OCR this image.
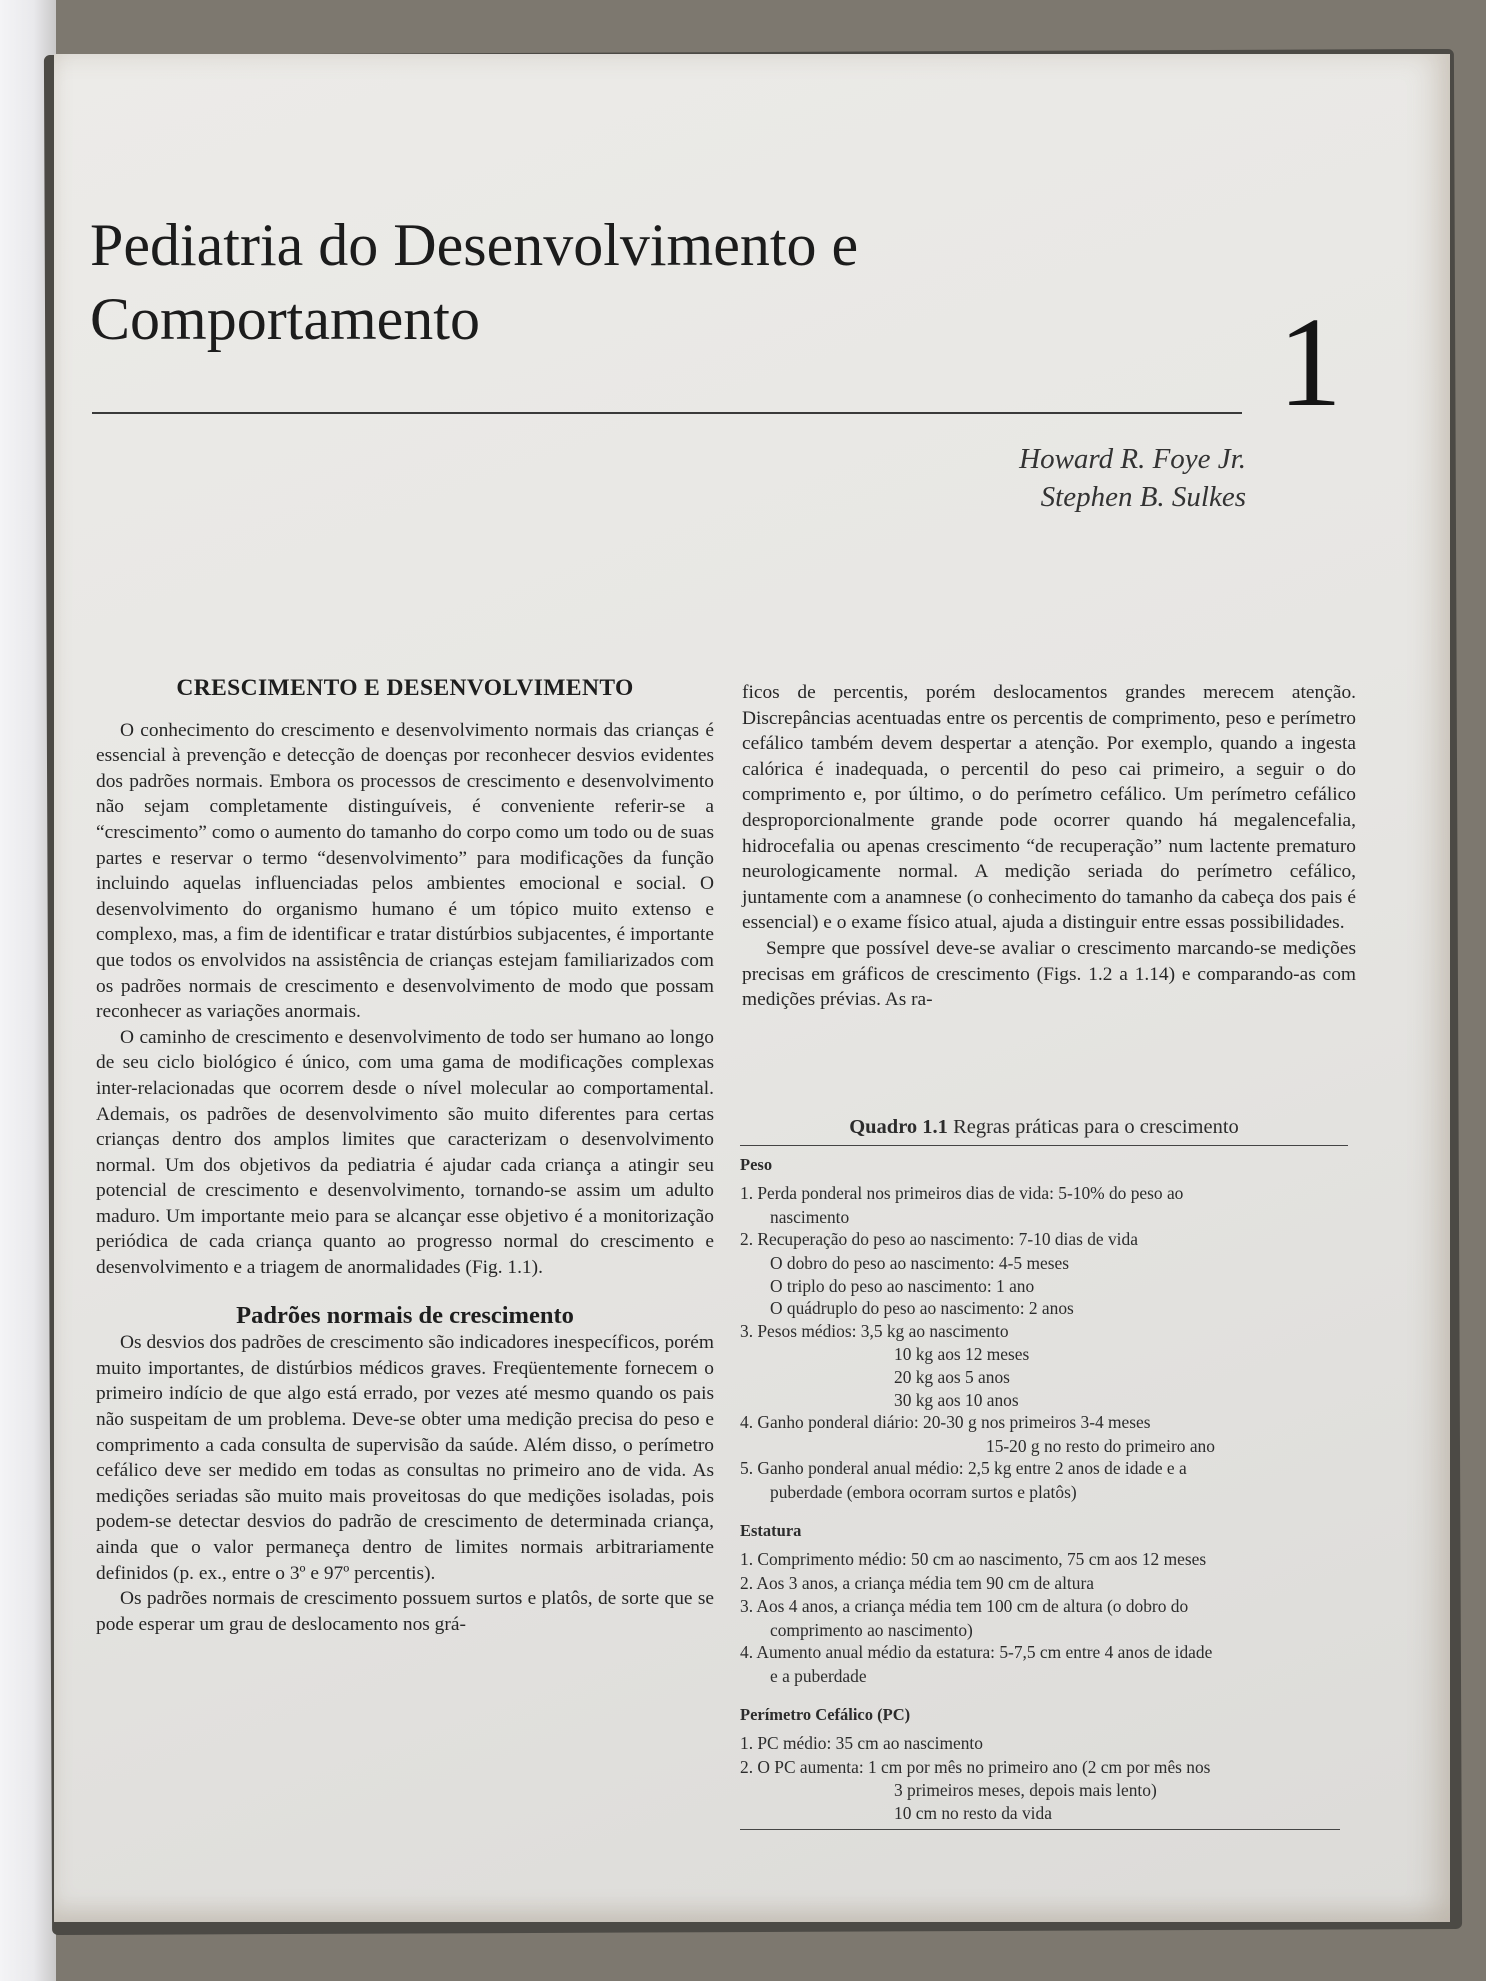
Pediatria do Desenvolvimento e Comportamento	1
Howard R. Foye Jr.
Stephen B. Sulkes
CRESCIMENTO E DESENVOLVIMENTO

O conhecimento do crescimento e desenvolvimento normais das crianças é essencial à prevenção e detecção de doenças por reconhecer desvios evidentes dos padrões normais. Embora os processos de crescimento e desenvolvimento não sejam completamente distinguíveis, é conveniente referir-se a “crescimento” como o aumento do tamanho do corpo como um todo ou de suas partes e reservar o termo “desenvolvimento” para modificações da função incluindo aquelas influenciadas pelos ambientes emocional e social. O desenvolvimento do organismo humano é um tópico muito extenso e complexo, mas, a fim de identificar e tratar distúrbios subjacentes, é importante que todos os envolvidos na assistência de crianças estejam familiarizados com os padrões normais de crescimento e desenvolvimento de modo que possam reconhecer as variações anormais.

O caminho de crescimento e desenvolvimento de todo ser humano ao longo de seu ciclo biológico é único, com uma gama de modificações complexas inter-relacionadas que ocorrem desde o nível molecular ao comportamental. Ademais, os padrões de desenvolvimento são muito diferentes para certas crianças dentro dos amplos limites que caracterizam o desenvolvimento normal. Um dos objetivos da pediatria é ajudar cada criança a atingir seu potencial de crescimento e desenvolvimento, tornando-se assim um adulto maduro. Um importante meio para se alcançar esse objetivo é a monitorização periódica de cada criança quanto ao progresso normal do crescimento e desenvolvimento e a triagem de anormalidades (Fig. 1.1).

Padrões normais de crescimento

Os desvios dos padrões de crescimento são indicadores inespecíficos, porém muito importantes, de distúrbios médicos graves. Freqüentemente fornecem o primeiro indício de que algo está errado, por vezes até mesmo quando os pais não suspeitam de um problema. Deve-se obter uma medição precisa do peso e comprimento a cada consulta de supervisão da saúde. Além disso, o perímetro cefálico deve ser medido em todas as consultas no primeiro ano de vida. As medições seriadas são muito mais proveitosas do que medições isoladas, pois podem-se detectar desvios do padrão de crescimento de determinada criança, ainda que o valor permaneça dentro de limites normais arbitrariamente definidos (p. ex., entre o 3º e 97º percentis).

Os padrões normais de crescimento possuem surtos e platôs, de sorte que se pode esperar um grau de deslocamento nos grá-

ficos de percentis, porém deslocamentos grandes merecem atenção. Discrepâncias acentuadas entre os percentis de comprimento, peso e perímetro cefálico também devem despertar a atenção. Por exemplo, quando a ingesta calórica é inadequada, o percentil do peso cai primeiro, a seguir o do comprimento e, por último, o do perímetro cefálico. Um perímetro cefálico desproporcionalmente grande pode ocorrer quando há megalencefalia, hidrocefalia ou apenas crescimento “de recuperação” num lactente prematuro neurologicamente normal. A medição seriada do perímetro cefálico, juntamente com a anamnese (o conhecimento do tamanho da cabeça dos pais é essencial) e o exame físico atual, ajuda a distinguir entre essas possibilidades.

Sempre que possível deve-se avaliar o crescimento marcando-se medições precisas em gráficos de crescimento (Figs. 1.2 a 1.14) e comparando-as com medições prévias. As ra-

Quadro 1.1 Regras práticas para o crescimento
Peso
1. Perda ponderal nos primeiros dias de vida: 5-10% do peso ao
nascimento
2. Recuperação do peso ao nascimento: 7-10 dias de vida
O dobro do peso ao nascimento: 4-5 meses
O triplo do peso ao nascimento: 1 ano
O quádruplo do peso ao nascimento: 2 anos
3. Pesos médios: 3,5 kg ao nascimento
10 kg aos 12 meses
20 kg aos 5 anos
30 kg aos 10 anos
4. Ganho ponderal diário: 20-30 g nos primeiros 3-4 meses
15-20 g no resto do primeiro ano
5. Ganho ponderal anual médio: 2,5 kg entre 2 anos de idade e a
puberdade (embora ocorram surtos e platôs)
Estatura
1. Comprimento médio: 50 cm ao nascimento, 75 cm aos 12 meses
2. Aos 3 anos, a criança média tem 90 cm de altura
3. Aos 4 anos, a criança média tem 100 cm de altura (o dobro do
comprimento ao nascimento)
4. Aumento anual médio da estatura: 5-7,5 cm entre 4 anos de idade
e a puberdade
Perímetro Cefálico (PC)
1. PC médio: 35 cm ao nascimento
2. O PC aumenta: 1 cm por mês no primeiro ano (2 cm por mês nos
3 primeiros meses, depois mais lento)
10 cm no resto da vida
